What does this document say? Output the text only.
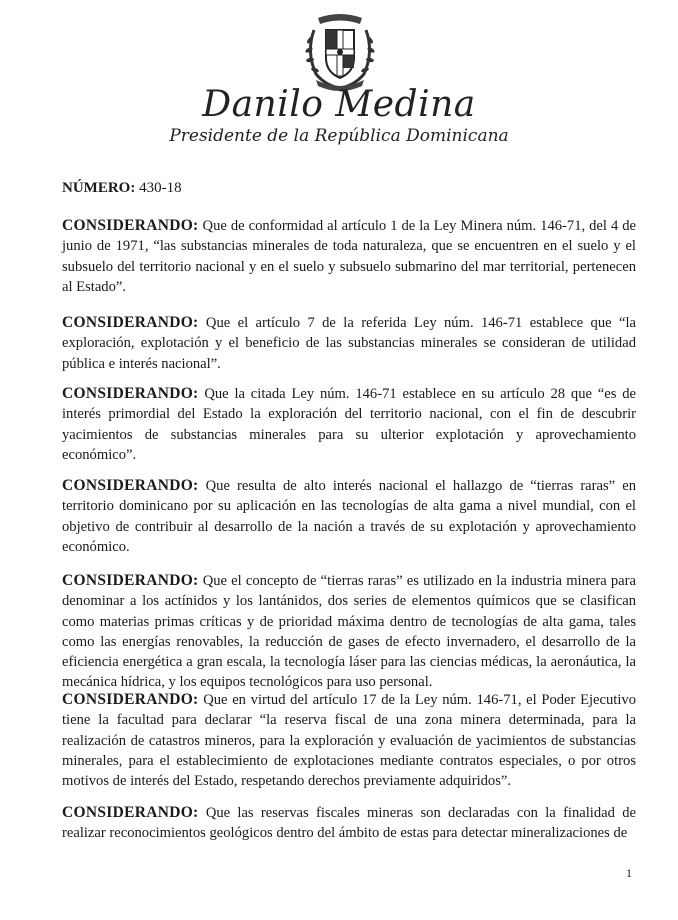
Danilo Medina
Presidente de la República Dominicana
NÚMERO: 430-18
CONSIDERANDO: Que de conformidad al artículo 1 de la Ley Minera núm. 146-71, del 4 de junio de 1971, “las substancias minerales de toda naturaleza, que se encuentren en el suelo y el subsuelo del territorio nacional y en el suelo y subsuelo submarino del mar territorial, pertenecen al Estado”.
CONSIDERANDO: Que el artículo 7 de la referida Ley núm. 146-71 establece que “la exploración, explotación y el beneficio de las substancias minerales se consideran de utilidad pública e interés nacional”.
CONSIDERANDO: Que la citada Ley núm. 146-71 establece en su artículo 28 que “es de interés primordial del Estado la exploración del territorio nacional, con el fin de descubrir yacimientos de substancias minerales para su ulterior explotación y aprovechamiento económico”.
CONSIDERANDO: Que resulta de alto interés nacional el hallazgo de “tierras raras” en territorio dominicano por su aplicación en las tecnologías de alta gama a nivel mundial, con el objetivo de contribuir al desarrollo de la nación a través de su explotación y aprovechamiento económico.
CONSIDERANDO: Que el concepto de “tierras raras” es utilizado en la industria minera para denominar a los actínidos y los lantánidos, dos series de elementos químicos que se clasifican como materias primas críticas y de prioridad máxima dentro de tecnologías de alta gama, tales como las energías renovables, la reducción de gases de efecto invernadero, el desarrollo de la eficiencia energética a gran escala, la tecnología láser para las ciencias médicas, la aeronáutica, la mecánica hídrica, y los equipos tecnológicos para uso personal.
CONSIDERANDO: Que en virtud del artículo 17 de la Ley núm. 146-71, el Poder Ejecutivo tiene la facultad para declarar “la reserva fiscal de una zona minera determinada, para la realización de catastros mineros, para la exploración y evaluación de yacimientos de substancias minerales, para el establecimiento de explotaciones mediante contratos especiales, o por otros motivos de interés del Estado, respetando derechos previamente adquiridos”.
CONSIDERANDO: Que las reservas fiscales mineras son declaradas con la finalidad de realizar reconocimientos geológicos dentro del ámbito de estas para detectar mineralizaciones de
1
